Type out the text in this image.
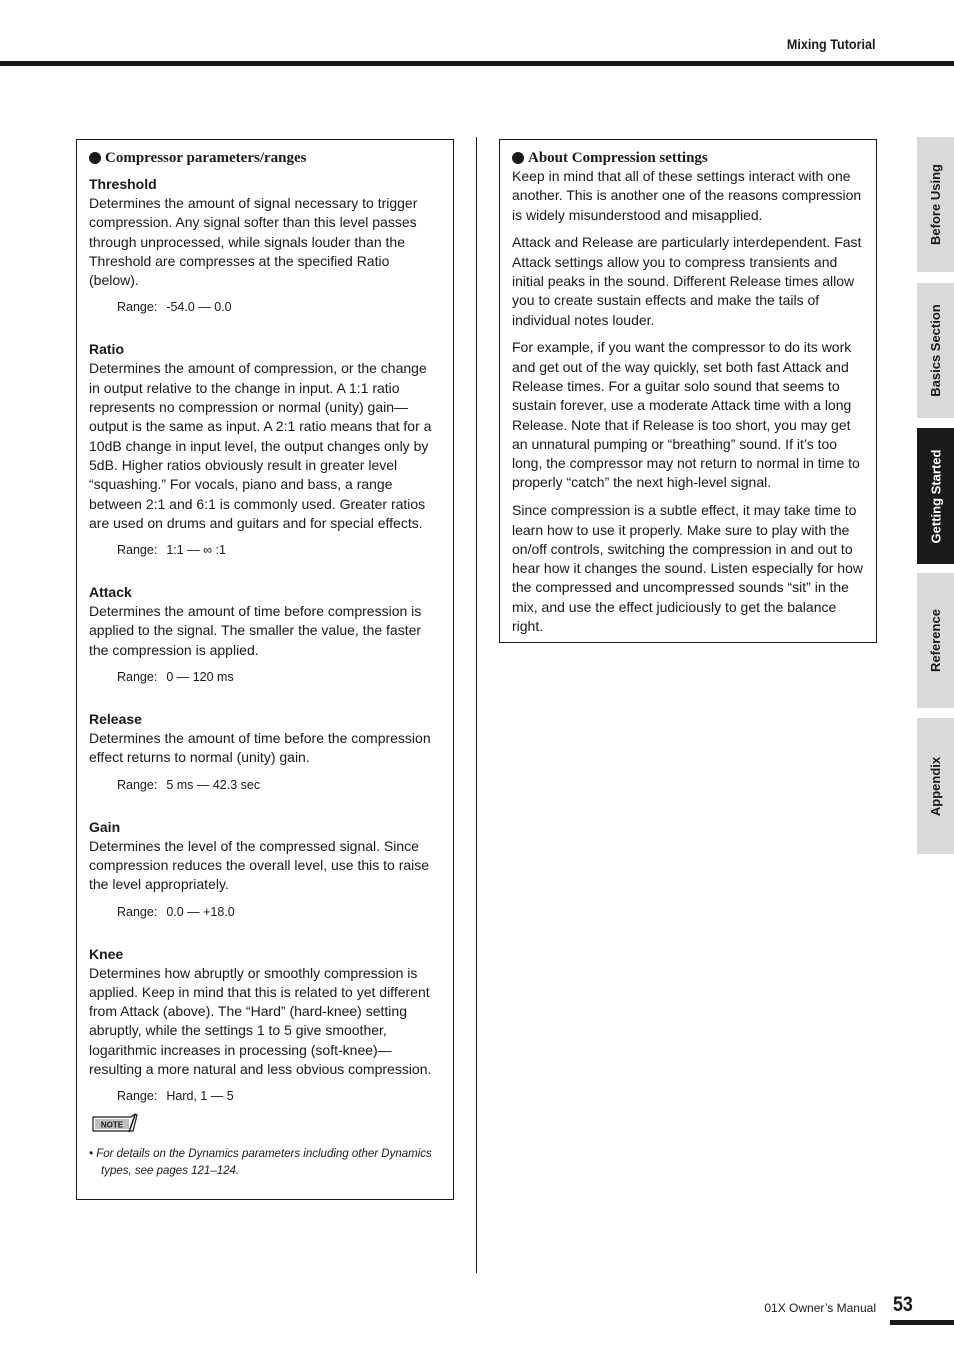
Mixing Tutorial
Compressor parameters/ranges

Threshold

Determines the amount of signal necessary to trigger compression. Any signal softer than this level passes through unprocessed, while signals louder than the Threshold are compresses at the specified Ratio (below).

Range: -54.0 — 0.0

Ratio

Determines the amount of compression, or the change in output relative to the change in input. A 1:1 ratio represents no compression or normal (unity) gain—output is the same as input. A 2:1 ratio means that for a 10dB change in input level, the output changes only by 5dB. Higher ratios obviously result in greater level “squashing.” For vocals, piano and bass, a range between 2:1 and 6:1 is commonly used. Greater ratios are used on drums and guitars and for special effects.

Range: 1:1 — ∞ :1

Attack

Determines the amount of time before compression is applied to the signal. The smaller the value, the faster the compression is applied.

Range: 0 — 120 ms

Release

Determines the amount of time before the compression effect returns to normal (unity) gain.

Range: 5 ms — 42.3 sec

Gain

Determines the level of the compressed signal. Since compression reduces the overall level, use this to raise the level appropriately.

Range: 0.0 — +18.0

Knee

Determines how abruptly or smoothly compression is applied. Keep in mind that this is related to yet different from Attack (above). The “Hard” (hard-knee) setting abruptly, while the settings 1 to 5 give smoother, logarithmic increases in processing (soft-knee)—resulting a more natural and less obvious compression.

Range: Hard, 1 — 5

NOTE

• For details on the Dynamics parameters including other Dynamics types, see pages 121–124.

About Compression settings

Keep in mind that all of these settings interact with one another. This is another one of the reasons compression is widely misunderstood and misapplied.

Attack and Release are particularly interdependent. Fast Attack settings allow you to compress transients and initial peaks in the sound. Different Release times allow you to create sustain effects and make the tails of individual notes louder.

For example, if you want the compressor to do its work and get out of the way quickly, set both fast Attack and Release times. For a guitar solo sound that seems to sustain forever, use a moderate Attack time with a long Release. Note that if Release is too short, you may get an unnatural pumping or “breathing” sound. If it’s too long, the compressor may not return to normal in time to properly “catch” the next high-level signal.

Since compression is a subtle effect, it may take time to learn how to use it properly. Make sure to play with the on/off controls, switching the compression in and out to hear how it changes the sound. Listen especially for how the compressed and uncompressed sounds “sit” in the mix, and use the effect judiciously to get the balance right.

Before Using
Basics Section
Getting Started
Reference
Appendix
01X Owner’s Manual 53
